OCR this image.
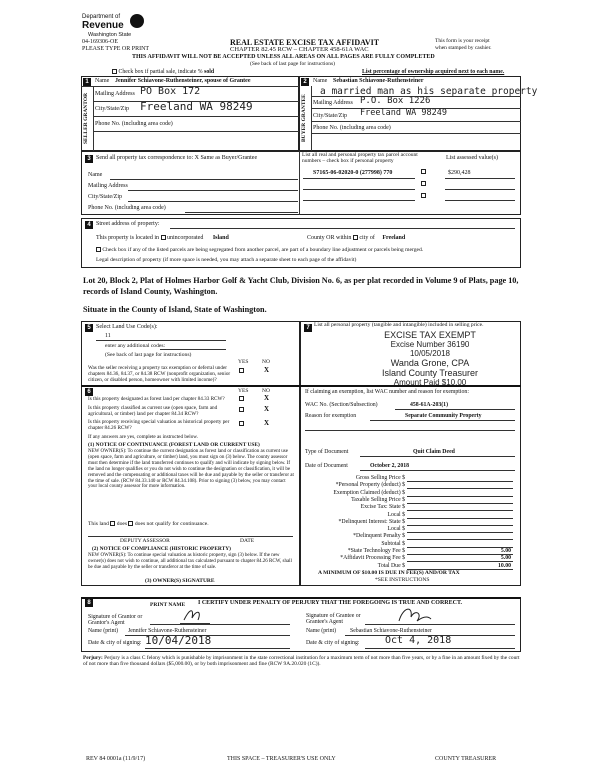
Department of
Revenue
Washington State
04-169306-OE
PLEASE TYPE OR PRINT
REAL ESTATE EXCISE TAX AFFIDAVIT
CHAPTER 82.45 RCW – CHAPTER 458-61A WAC
This form is your receipt
when stamped by cashier.
THIS AFFIDAVIT WILL NOT BE ACCEPTED UNLESS ALL AREAS ON ALL PAGES ARE FULLY COMPLETED
(See back of last page for instructions)
Check box if partial sale, indicate % sold	List percentage of ownership acquired next to each name.
1
SELLER GRANTOR
Name Jennifer Schiavone-Ruthensteiner, spouse of Grantee
Mailing Address PO Box 172
City/State/Zip Freeland WA 98249
Phone No. (including area code)
2
BUYER GRANTEE
Name Sebastian Schiavone-Ruthensteiner
a married man as his separate property
Mailing Address P.O. Box 1226
City/State/Zip Freeland WA 98249
Phone No. (including area code)
3 Send all property tax correspondence to: X Same as Buyer/Grantee
Name
Mailing Address
City/State/Zip
Phone No. (including area code)
List all real and personal property tax parcel account
numbers – check box if personal property	List assessed value(s)
S7165-06-02020-0 (277998) 770	$290,428
4 Street address of property:
This property is located in unincorporated Island	County OR within city of Freeland
Check box if any of the listed parcels are being segregated from another parcel, are part of a boundary line adjustment or parcels being merged.
Legal description of property (if more space is needed, you may attach a separate sheet to each page of the affidavit)
Lot 20, Block 2, Plat of Holmes Harbor Golf & Yacht Club, Division No. 6, as per plat recorded in Volume 9 of Plats, page 10, records of Island County, Washington.
Situate in the County of Island, State of Washington.
5 Select Land Use Code(s):
11
enter any additional codes:
(See back of last page for instructions)
YES NO
Was the seller receiving a property tax exemption or deferral under chapters 84.36, 84.37, or 84.38 RCW (nonprofit organization, senior citizen, or disabled person, homeowner with limited income)?
X
6	YES NO
Is this property designated as forest land per chapter 84.33 RCW?	X
Is this property classified as current use (open space, farm and agricultural, or timber) land per chapter 84.34 RCW?
X
Is this property receiving special valuation as historical property per chapter 84.26 RCW?
X
If any answers are yes, complete as instructed below.
(1) NOTICE OF CONTINUANCE (FOREST LAND OR CURRENT USE)
NEW OWNER(S): To continue the current designation as forest land or classification as current use (open space, farm and agriculture, or timber) land, you must sign on (3) below. The county assessor must then determine if the land transferred continues to qualify and will indicate by signing below. If the land no longer qualifies or you do not wish to continue the designation or classification, it will be removed and the compensating or additional taxes will be due and payable by the seller or transferor at the time of sale. (RCW 84.33.140 or RCW 84.34.108). Prior to signing (3) below, you may contact your local county assessor for more information.
This land does does not qualify for continuance.
DEPUTY ASSESSOR	DATE
(2) NOTICE OF COMPLIANCE (HISTORIC PROPERTY)
NEW OWNER(S): To continue special valuation as historic property, sign (3) below. If the new owner(s) does not wish to continue, all additional tax calculated pursuant to chapter 84.26 RCW, shall be due and payable by the seller or transferor at the time of sale.
(3) OWNER(S) SIGNATURE
PRINT NAME
7 List all personal property (tangible and intangible) included in selling price.
EXCISE TAX EXEMPT
Excise Number 36190
10/05/2018
Wanda Grone, CPA
Island County Treasurer
Amount Paid $10.00
If claiming an exemption, list WAC number and reason for exemption:
WAC No. (Section/Subsection)	458-61A-203(1)
Reason for exemption	Separate Community Property
Type of Document	Quit Claim Deed
Date of Document	October 2, 2018
Gross Selling Price $
*Personal Property (deduct) $
Exemption Claimed (deduct) $
Taxable Selling Price $
Excise Tax: State $
Local $
*Delinquent Interest: State $
Local $
*Delinquent Penalty $
Subtotal $
*State Technology Fee $	5.00
*Affidavit Processing Fee $	5.00
Total Due $	10.00
A MINIMUM OF $10.00 IS DUE IN FEE(S) AND/OR TAX
*SEE INSTRUCTIONS
8	I CERTIFY UNDER PENALTY OF PERJURY THAT THE FOREGOING IS TRUE AND CORRECT.
Signature of Grantor or Grantor's Agent
Name (print) Jennifer Schiavone-Ruthensteiner
Date & city of signing: 10/04/2018
Signature of Grantee or Grantee's Agent
Name (print) Sebastian Schiavone-Ruthensteiner
Date & city of signing:	Oct 4, 2018
Perjury: Perjury is a class C felony which is punishable by imprisonment in the state correctional institution for a maximum term of not more than five years, or by a fine in an amount fixed by the court of not more than five thousand dollars ($5,000.00), or by both imprisonment and fine (RCW 9A.20.020 (1C)).
REV 84 0001a (11/9/17)	THIS SPACE – TREASURER'S USE ONLY	COUNTY TREASURER
